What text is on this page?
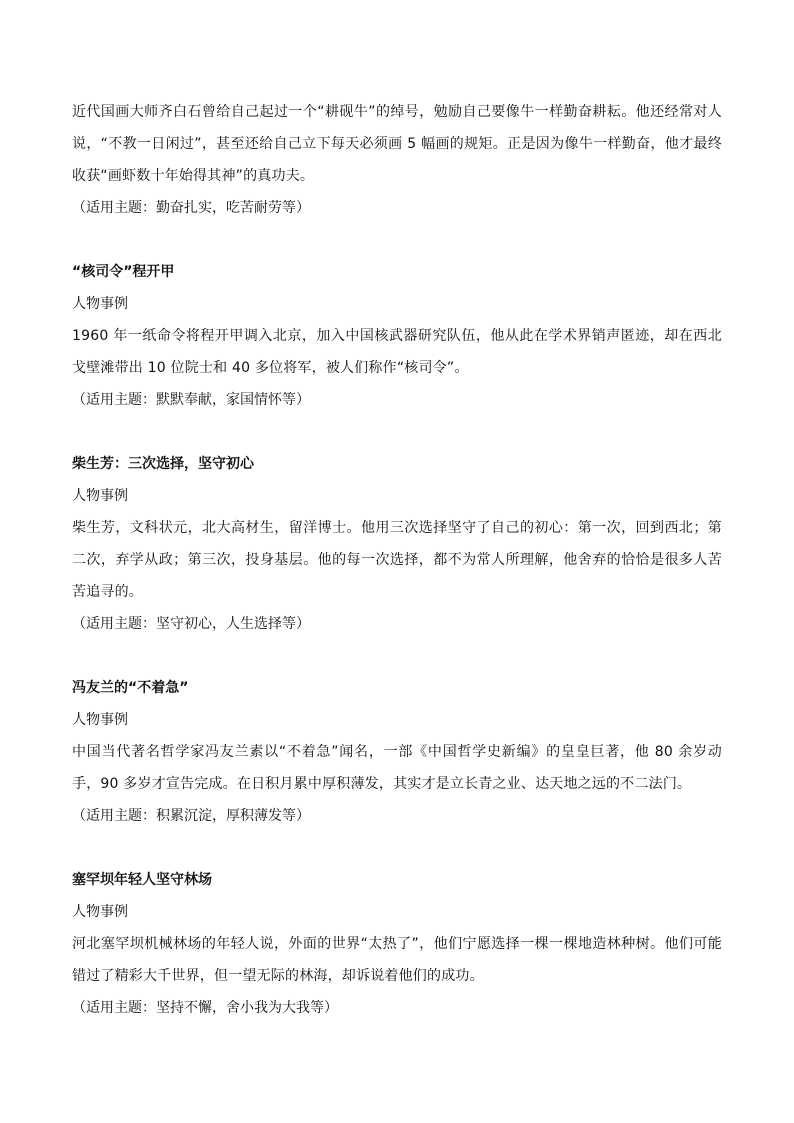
近代国画大师齐白石曾给自己起过一个“耕砚牛”的绰号，勉励自己要像牛一样勤奋耕耘。他还经常对人说，“不教一日闲过”，甚至还给自己立下每天必须画 5 幅画的规矩。正是因为像牛一样勤奋，他才最终收获“画虾数十年始得其神”的真功夫。

（适用主题：勤奋扎实，吃苦耐劳等）

“核司令”程开甲

人物事例

1960 年一纸命令将程开甲调入北京，加入中国核武器研究队伍，他从此在学术界销声匿迹，却在西北戈壁滩带出 10 位院士和 40 多位将军，被人们称作“核司令”。

（适用主题：默默奉献，家国情怀等）

柴生芳：三次选择，坚守初心

人物事例

柴生芳，文科状元，北大高材生，留洋博士。他用三次选择坚守了自己的初心：第一次，回到西北；第二次，弃学从政；第三次，投身基层。他的每一次选择，都不为常人所理解，他舍弃的恰恰是很多人苦苦追寻的。

（适用主题：坚守初心，人生选择等）

冯友兰的“不着急”

人物事例

中国当代著名哲学家冯友兰素以“不着急”闻名，一部《中国哲学史新编》的皇皇巨著，他 80 余岁动手，90 多岁才宣告完成。在日积月累中厚积薄发，其实才是立长青之业、达天地之远的不二法门。

（适用主题：积累沉淀，厚积薄发等）

塞罕坝年轻人坚守林场

人物事例

河北塞罕坝机械林场的年轻人说，外面的世界“太热了”，他们宁愿选择一棵一棵地造林种树。他们可能错过了精彩大千世界，但一望无际的林海，却诉说着他们的成功。

（适用主题：坚持不懈，舍小我为大我等）
